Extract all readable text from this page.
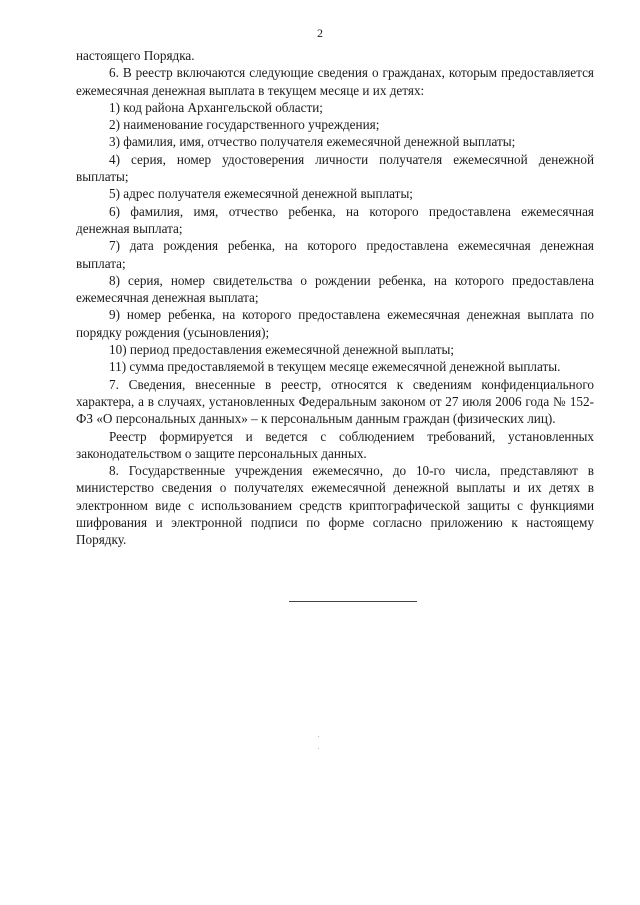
2

настоящего Порядка.

6. В реестр включаются следующие сведения о гражданах, которым предоставляется ежемесячная денежная выплата в текущем месяце и их детях:

1) код района Архангельской области;

2) наименование государственного учреждения;

3) фамилия, имя, отчество получателя ежемесячной денежной выплаты;

4) серия, номер удостоверения личности получателя ежемесячной денежной выплаты;

5) адрес получателя ежемесячной денежной выплаты;

6) фамилия, имя, отчество ребенка, на которого предоставлена ежемесячная денежная выплата;

7) дата рождения ребенка, на которого предоставлена ежемесячная денежная выплата;

8) серия, номер свидетельства о рождении ребенка, на которого предоставлена ежемесячная денежная выплата;

9) номер ребенка, на которого предоставлена ежемесячная денежная выплата по порядку рождения (усыновления);

10) период предоставления ежемесячной денежной выплаты;

11) сумма предоставляемой в текущем месяце ежемесячной денежной выплаты.

7. Сведения, внесенные в реестр, относятся к сведениям конфиденциального характера, а в случаях, установленных Федеральным законом от 27 июля 2006 года № 152-ФЗ «О персональных данных» – к персональным данным граждан (физических лиц).

Реестр формируется и ведется с соблюдением требований, установленных законодательством о защите персональных данных.

8. Государственные учреждения ежемесячно, до 10-го числа, представляют в министерство сведения о получателях ежемесячной денежной выплаты и их детях в электронном виде с использованием средств криптографической защиты с функциями шифрования и электронной подписи по форме согласно приложению к настоящему Порядку.
